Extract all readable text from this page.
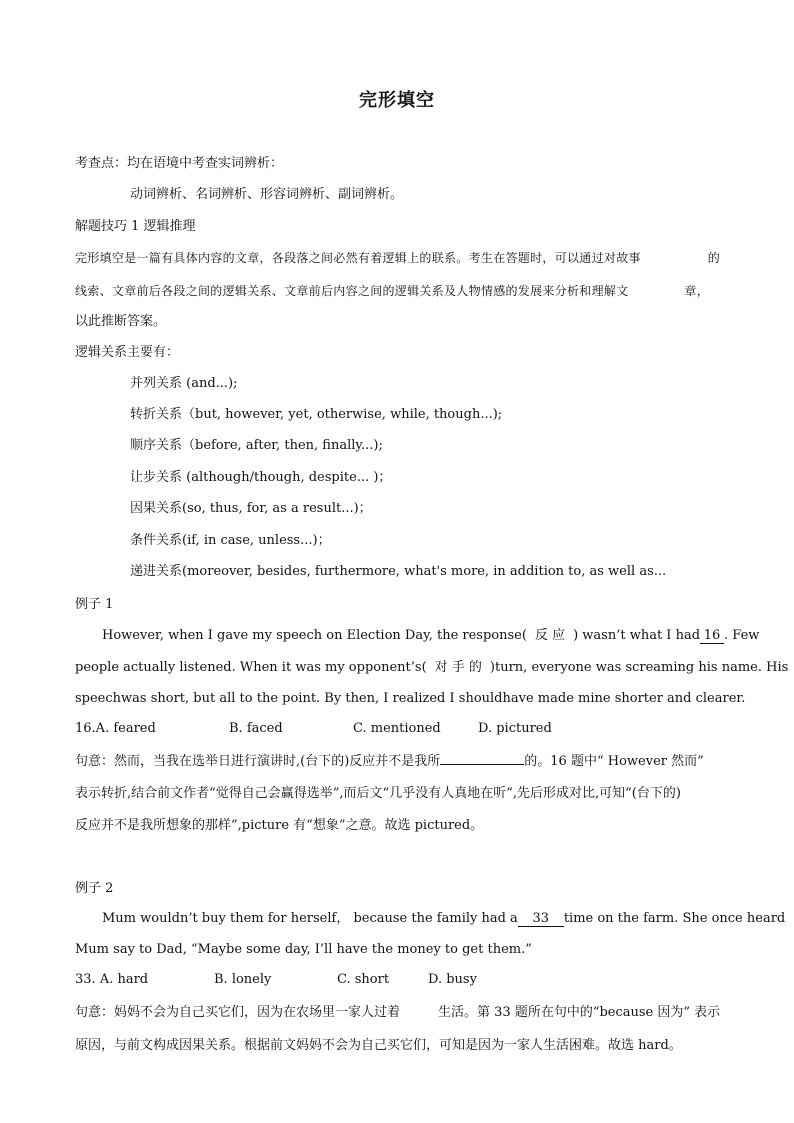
完形填空
考查点：均在语境中考查实词辨析：
动词辨析、名词辨析、形容词辨析、副词辨析。
解题技巧 1 逻辑推理
完形填空是一篇有具体内容的文章，各段落之间必然有着逻辑上的联系。考生在答题时，可以通过对故事	的
线索、文章前后各段之间的逻辑关系、文章前后内容之间的逻辑关系及人物情感的发展来分析和理解文	章，
以此推断答案。
逻辑关系主要有：
并列关系 (and...);
转折关系（but, however, yet, otherwise, while, though...);
顺序关系（before, after, then, finally...);
让步关系 (although/though, despite... )；
因果关系(so, thus, for, as a result...)；
条件关系(if, in case, unless...)；
递进关系(moreover, besides, furthermore, what's more, in addition to, as well as...
例子 1
However, when I gave my speech on Election Day, the response( 反 应 ) wasn’t what I had 16 . Few
people actually listened. When it was my opponent’s( 对 手 的 )turn, everyone was screaming his name. His
speechwas short, but all to the point. By then, I realized I shouldhave made mine shorter and clearer.
16.A. feared	B. faced	C. mentioned	D. pictured
句意：然而，当我在选举日进行演讲时,(台下的)反应并不是我所	的。16 题中“ However 然而”
表示转折,结合前文作者“觉得自己会赢得选举”,而后文“几乎没有人真地在听”,先后形成对比,可知“(台下的)
反应并不是我所想象的那样”,picture 有“想象”之意。故选 pictured。
例子 2
Mum wouldn’t buy them for herself， because the family had a 33 time on the farm. She once heard
Mum say to Dad, “Maybe some day, I’ll have the money to get them.”
33. A. hard	B. lonely	C. short	D. busy
句意：妈妈不会为自己买它们，因为在农场里一家人过着	生活。第 33 题所在句中的“because 因为” 表示
原因，与前文构成因果关系。根据前文妈妈不会为自己买它们，可知是因为一家人生活困难。故选 hard。
